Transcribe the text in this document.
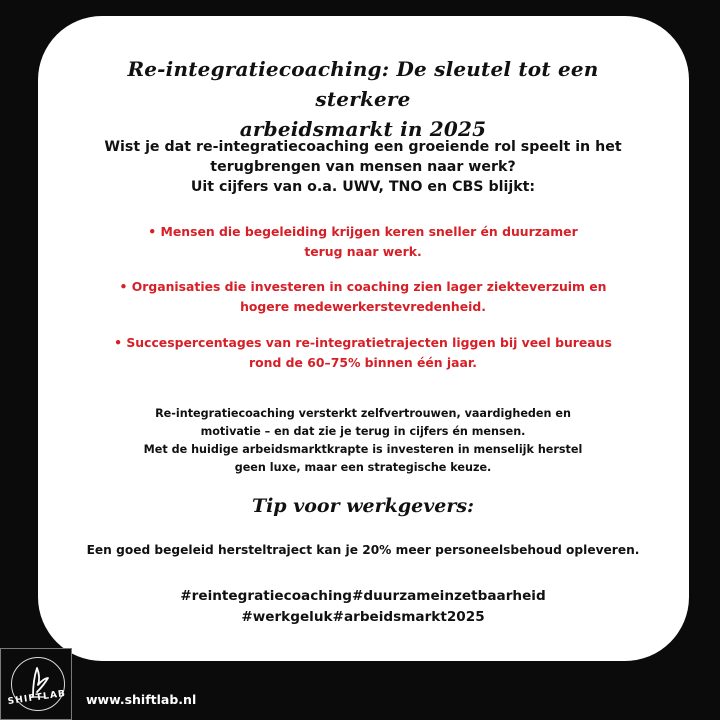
Re-integratiecoaching: De sleutel tot een sterkere
arbeidsmarkt in 2025
Wist je dat re-integratiecoaching een groeiende rol speelt in het
terugbrengen van mensen naar werk?
Uit cijfers van o.a. UWV, TNO en CBS blijkt:
• Mensen die begeleiding krijgen keren sneller én duurzamer
terug naar werk.
• Organisaties die investeren in coaching zien lager ziekteverzuim en
hogere medewerkerstevredenheid.
• Succespercentages van re-integratietrajecten liggen bij veel bureaus
rond de 60–75% binnen één jaar.
Re-integratiecoaching versterkt zelfvertrouwen, vaardigheden en
motivatie – en dat zie je terug in cijfers én mensen.
Met de huidige arbeidsmarktkrapte is investeren in menselijk herstel
geen luxe, maar een strategische keuze.
Tip voor werkgevers:
Een goed begeleid hersteltraject kan je 20% meer personeelsbehoud opleveren.
#reintegratiecoaching#duurzameinzetbaarheid
#werkgeluk#arbeidsmarkt2025
SHIFTLAB	www.shiftlab.nl
